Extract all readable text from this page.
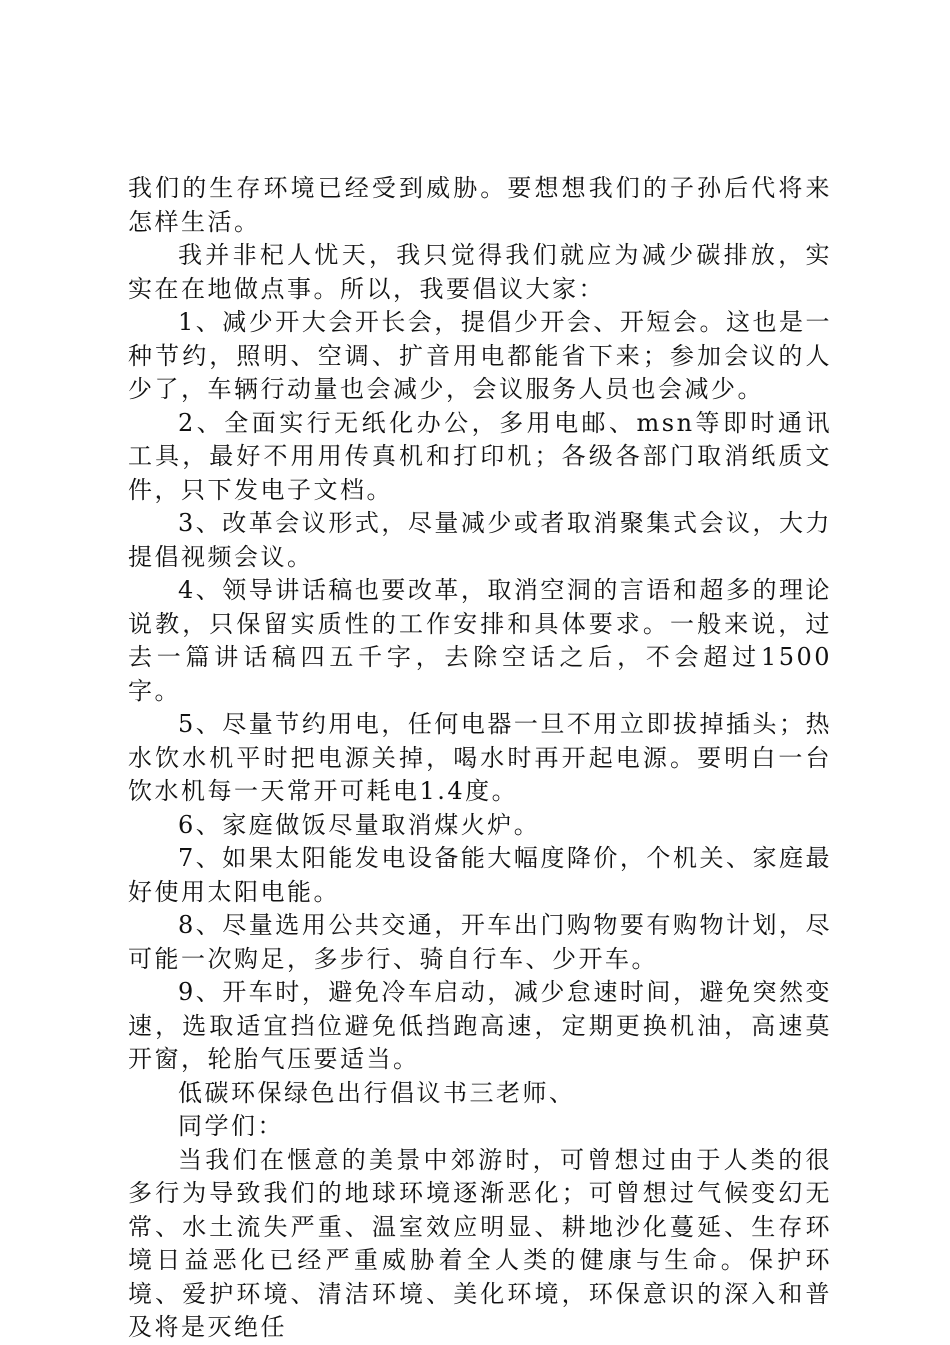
我们的生存环境已经受到威胁。要想想我们的子孙后代将来怎样生活。

我并非杞人忧天，我只觉得我们就应为减少碳排放，实实在在地做点事。所以，我要倡议大家：

1、减少开大会开长会，提倡少开会、开短会。这也是一种节约，照明、空调、扩音用电都能省下来；参加会议的人少了，车辆行动量也会减少，会议服务人员也会减少。

2、全面实行无纸化办公，多用电邮、msn等即时通讯工具，最好不用用传真机和打印机；各级各部门取消纸质文件，只下发电子文档。

3、改革会议形式，尽量减少或者取消聚集式会议，大力提倡视频会议。

4、领导讲话稿也要改革，取消空洞的言语和超多的理论说教，只保留实质性的工作安排和具体要求。一般来说，过去一篇讲话稿四五千字，去除空话之后，不会超过1500字。

5、尽量节约用电，任何电器一旦不用立即拔掉插头；热水饮水机平时把电源关掉，喝水时再开起电源。要明白一台饮水机每一天常开可耗电1.4度。

6、家庭做饭尽量取消煤火炉。

7、如果太阳能发电设备能大幅度降价，个机关、家庭最好使用太阳电能。

8、尽量选用公共交通，开车出门购物要有购物计划，尽可能一次购足，多步行、骑自行车、少开车。

9、开车时，避免冷车启动，减少怠速时间，避免突然变速，选取适宜挡位避免低挡跑高速，定期更换机油，高速莫开窗，轮胎气压要适当。

低碳环保绿色出行倡议书三老师、

同学们：

当我们在惬意的美景中郊游时，可曾想过由于人类的很多行为导致我们的地球环境逐渐恶化；可曾想过气候变幻无常、水土流失严重、温室效应明显、耕地沙化蔓延、生存环境日益恶化已经严重威胁着全人类的健康与生命。保护环境、爱护环境、清洁环境、美化环境，环保意识的深入和普及将是灭绝任
